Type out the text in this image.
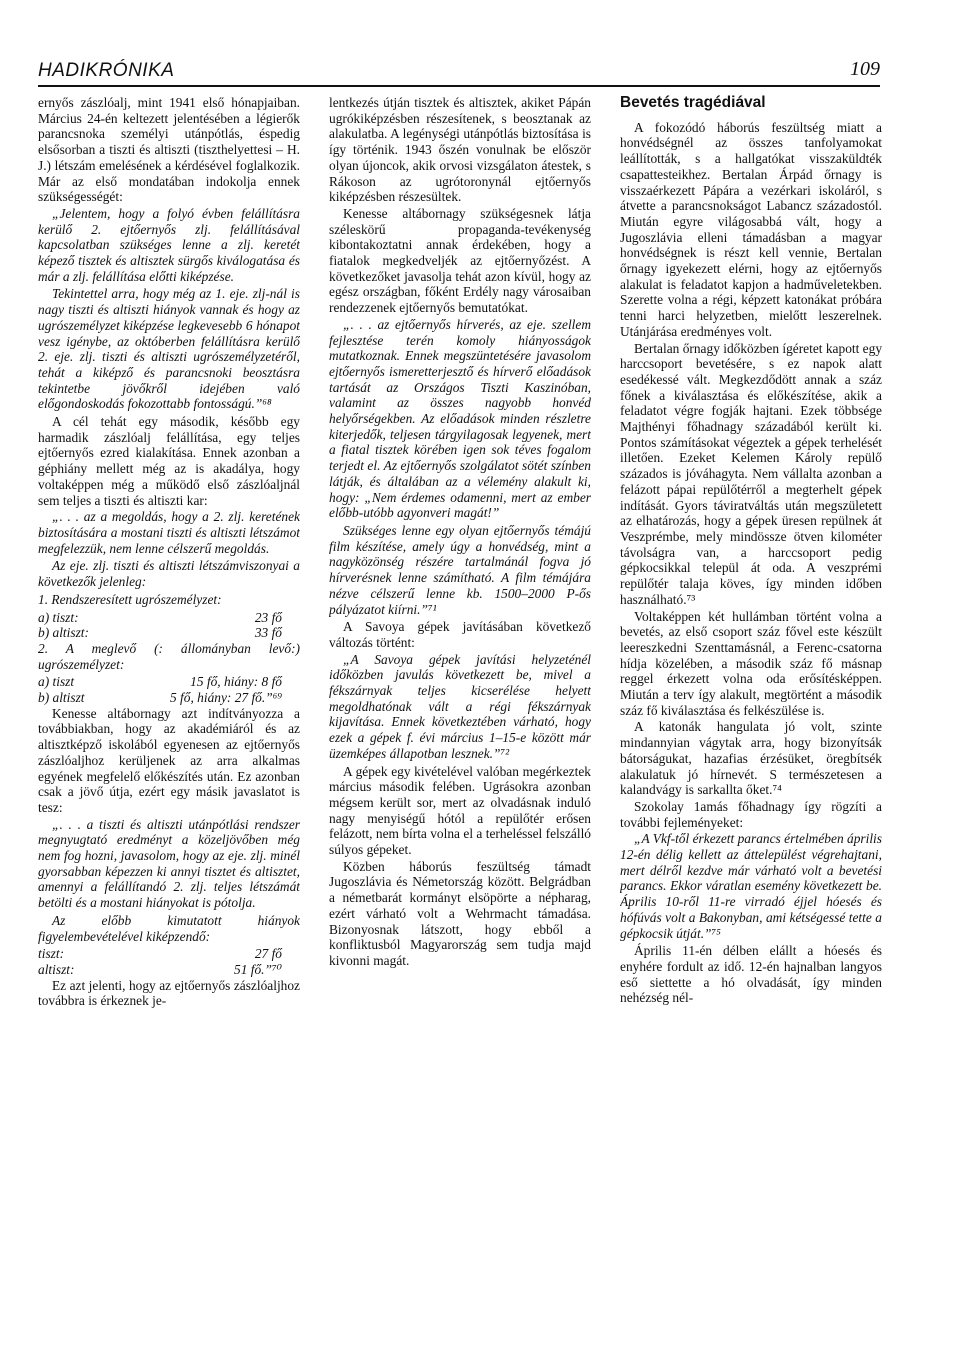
HADIKRÓNIKA	109

ernyős zászlóalj, mint 1941 első hónapjaiban. Március 24-én keltezett jelentésében a légierők parancsnoka személyi utánpótlás, éspedig elsősorban a tiszti és altiszti (tiszthelyettesi – H. J.) létszám emelésének a kérdésével foglalkozik. Már az első mondatában indokolja ennek szükségességét:

„Jelentem, hogy a folyó évben felállításra kerülő 2. ejtőernyős zlj. felállításával kapcsolatban szükséges lenne a zlj. keretét képező tisztek és altisztek sürgős kiválogatása és már a zlj. felállítása előtti kiképzése.

Tekintettel arra, hogy még az 1. eje. zlj-nál is nagy tiszti és altiszti hiányok vannak és hogy az ugrószemélyzet kiképzése legkevesebb 6 hónapot vesz igénybe, az októberben felállításra kerülő 2. eje. zlj. tiszti és altiszti ugrószemélyzetéről, tehát a kiképző és parancsnoki beosztásra tekintetbe jövőkről idejében való előgondoskodás fokozottabb fontosságú.”⁶⁸

A cél tehát egy második, később egy harmadik zászlóalj felállítása, egy teljes ejtőernyős ezred kialakítása. Ennek azonban a géphiány mellett még az is akadálya, hogy voltaképpen még a működő első zászlóaljnál sem teljes a tiszti és altiszti kar:

„. . . az a megoldás, hogy a 2. zlj. keretének biztosítására a mostani tiszti és altiszti létszámot megfelezzük, nem lenne célszerű megoldás.

Az eje. zlj. tiszti és altiszti létszámviszonyai a következők jelenleg:

1. Rendszeresített ugrószemélyzet:

a) tiszt:	23 fő
b) altiszt:	33 fő

2. A meglevő (: állományban levő:) ugrószemélyzet:

a) tiszt	15 fő, hiány: 8 fő
b) altiszt	5 fő, hiány: 27 fő.”⁶⁹

Kenesse altábornagy azt indítványozza a továbbiakban, hogy az akadémiáról és az altisztképző iskolából egyenesen az ejtőernyős zászlóaljhoz kerüljenek az arra alkalmas egyének megfelelő előkészítés után. Ez azonban csak a jövő útja, ezért egy másik javaslatot is tesz:

„. . . a tiszti és altiszti utánpótlási rendszer megnyugtató eredményt a közeljövőben még nem fog hozni, javasolom, hogy az eje. zlj. minél gyorsabban képezzen ki annyi tisztet és altisztet, amennyi a felállítandó 2. zlj. teljes létszámát betölti és a mostani hiányokat is pótolja.

Az előbb kimutatott hiányok figyelembevételével kiképzendő:

tiszt:	27 fő
altiszt:	51 fő.”⁷⁰

Ez azt jelenti, hogy az ejtőernyős zászlóaljhoz továbbra is érkeznek je-

lentkezés útján tisztek és altisztek, akiket Pápán ugrókiképzésben részesítenek, s beosztanak az alakulatba. A legénységi utánpótlás biztosítása is így történik. 1943 őszén vonulnak be először olyan újoncok, akik orvosi vizsgálaton átestek, s Rákoson az ugrótoronynál ejtőernyős kiképzésben részesültek.

Kenesse altábornagy szükségesnek látja széleskörű propaganda-tevékenység kibontakoztatni annak érdekében, hogy a fiatalok megkedveljék az ejtőernyőzést. A következőket javasolja tehát azon kívül, hogy az egész országban, főként Erdély nagy városaiban rendezzenek ejtőernyős bemutatókat.

„. . . az ejtőernyős hírverés, az eje. szellem fejlesztése terén komoly hiányosságok mutatkoznak. Ennek megszüntetésére javasolom ejtőernyős ismeretterjesztő és hírverő előadások tartását az Országos Tiszti Kaszinóban, valamint az összes nagyobb honvéd helyőrségekben. Az előadások minden részletre kiterjedők, teljesen tárgyilagosak legyenek, mert a fiatal tisztek körében igen sok téves fogalom terjedt el. Az ejtőernyős szolgálatot sötét színben látják, és általában az a vélemény alakult ki, hogy: „Nem érdemes odamenni, mert az ember előbb-utóbb agyonveri magát!”

Szükséges lenne egy olyan ejtőernyős témájú film készítése, amely úgy a honvédség, mint a nagyközönség részére tartalmánál fogva jó hírverésnek lenne számítható. A film témájára nézve célszerű lenne kb. 1500–2000 P-ős pályázatot kiírni.”⁷¹

A Savoya gépek javításában következő változás történt:

„A Savoya gépek javítási helyzeténél időközben javulás következett be, mivel a fékszárnyak teljes kicserélése helyett megoldhatónak vált a régi fékszárnyak kijavítása. Ennek következtében várható, hogy ezek a gépek f. évi március 1–15-e között már üzemképes állapotban lesznek.”⁷²

A gépek egy kivételével valóban megérkeztek március második felében. Ugrásokra azonban mégsem került sor, mert az olvadásnak induló nagy menyiségű hótól a repülőtér erősen felázott, nem bírta volna el a terheléssel felszálló súlyos gépeket.

Közben háborús feszültség támadt Jugoszlávia és Németország között. Belgrádban a németbarát kormányt elsöpörte a népharag, ezért várható volt a Wehrmacht támadása. Bizonyosnak látszott, hogy ebből a konfliktusból Magyarország sem tudja majd kivonni magát.

Bevetés tragédiával

A fokozódó háborús feszültség miatt a honvédségnél az összes tanfolyamokat leállították, s a hallgatókat visszaküldték csapattesteikhez. Bertalan Árpád őrnagy is visszaérkezett Pápára a vezérkari iskoláról, s átvette a parancsnokságot Labancz századostól. Miután egyre világosabbá vált, hogy a Jugoszlávia elleni támadásban a magyar honvédségnek is részt kell vennie, Bertalan őrnagy igyekezett elérni, hogy az ejtőernyős alakulat is feladatot kapjon a hadműveletekben. Szerette volna a régi, képzett katonákat próbára tenni harci helyzetben, mielőtt leszerelnek. Utánjárása eredményes volt.

Bertalan őrnagy időközben ígéretet kapott egy harccsoport bevetésére, s ez napok alatt esedékessé vált. Megkezdődött annak a száz főnek a kiválasztása és előkészítése, akik a feladatot végre fogják hajtani. Ezek többsége Majthényi főhadnagy századából került ki. Pontos számításokat végeztek a gépek terhelését illetően. Ezeket Kelemen Károly repülő százados is jóváhagyta. Nem vállalta azonban a felázott pápai repülőtérről a megterhelt gépek indítását. Gyors táviratváltás után megszületett az elhatározás, hogy a gépek üresen repülnek át Veszprémbe, mely mindössze ötven kilométer távolságra van, a harccsoport pedig gépkocsikkal települ át oda. A veszprémi repülőtér talaja köves, így minden időben használható.⁷³

Voltaképpen két hullámban történt volna a bevetés, az első csoport száz fővel este készült leereszkedni Szenttamásnál, a Ferenc-csatorna hídja közelében, a második száz fő másnap reggel érkezett volna oda erősítésképpen. Miután a terv így alakult, megtörtént a második száz fő kiválasztása és felkészülése is.

A katonák hangulata jó volt, szinte mindannyian vágytak arra, hogy bizonyítsák bátorságukat, hazafias érzésüket, öregbítsék alakulatuk jó hírnevét. S természetesen a kalandvágy is sarkallta őket.⁷⁴

Szokolay 1amás főhadnagy így rögzíti a további fejleményeket:

„A Vkf-től érkezett parancs értelmében április 12-én délig kellett az áttelepülést végrehajtani, mert délről kezdve már várható volt a bevetési parancs. Ekkor váratlan esemény következett be. Április 10-ről 11-re virradó éjjel hóesés és hófúvás volt a Bakonyban, ami kétségessé tette a gépkocsik útját.”⁷⁵

Április 11-én délben elállt a hóesés és enyhére fordult az idő. 12-én hajnalban langyos eső siettette a hó olvadását, így minden nehézség nél-
